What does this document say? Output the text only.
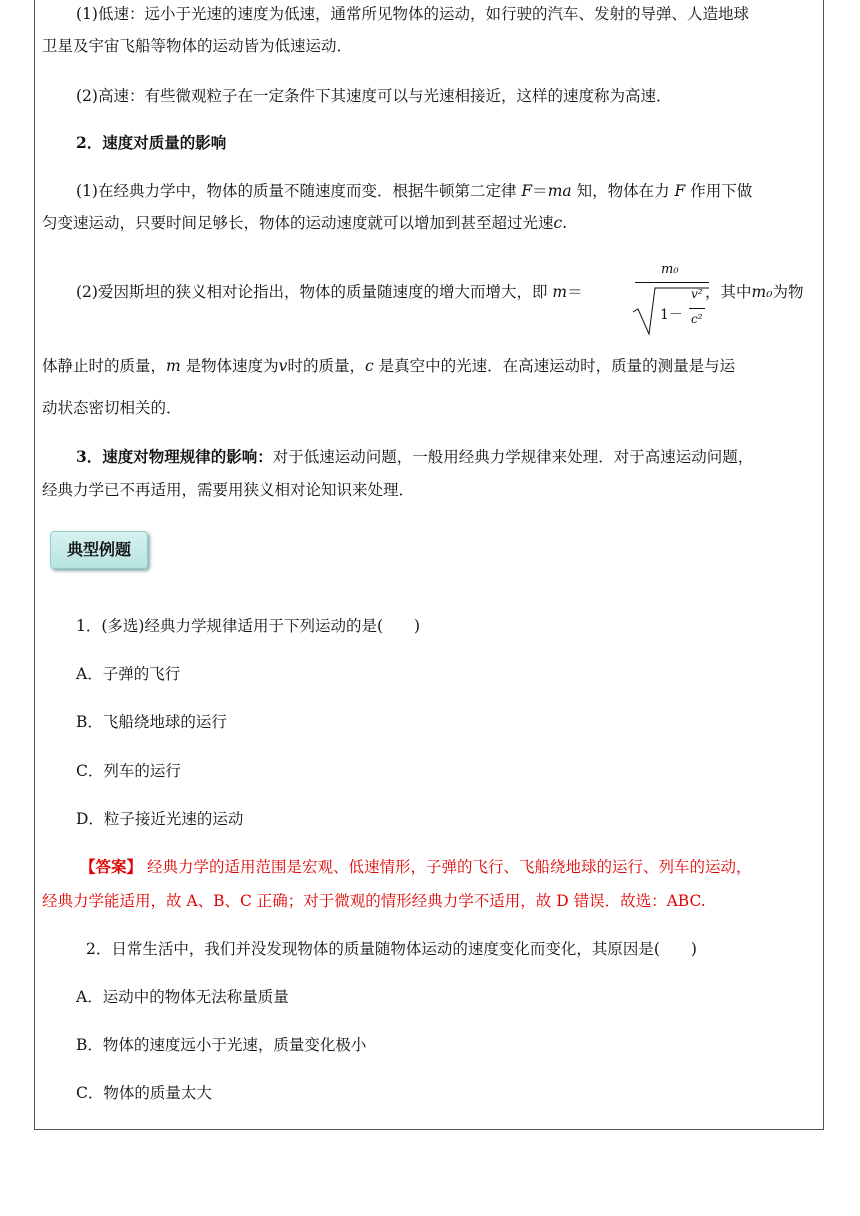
(1)低速：远小于光速的速度为低速，通常所见物体的运动，如行驶的汽车、发射的导弹、人造地球
卫星及宇宙飞船等物体的运动皆为低速运动．
(2)高速：有些微观粒子在一定条件下其速度可以与光速相接近，这样的速度称为高速．
2．速度对质量的影响
(1)在经典力学中，物体的质量不随速度而变．根据牛顿第二定律 F＝ma 知，物体在力 F 作用下做
匀变速运动，只要时间足够长，物体的运动速度就可以增加到甚至超过光速c.
(2)爱因斯坦的狭义相对论指出，物体的质量随速度的增大而增大，即 m＝
m₀
1－
v²
c²
，其中m₀为物
体静止时的质量，m 是物体速度为v时的质量，c 是真空中的光速．在高速运动时，质量的测量是与运
动状态密切相关的．
3．速度对物理规律的影响：对于低速运动问题，一般用经典力学规律来处理．对于高速运动问题，
经典力学已不再适用，需要用狭义相对论知识来处理．
典型例题
1．(多选)经典力学规律适用于下列运动的是(　　)
A．子弹的飞行
B．飞船绕地球的运行
C．列车的运行
D．粒子接近光速的运动
【答案】 经典力学的适用范围是宏观、低速情形，子弹的飞行、飞船绕地球的运行、列车的运动，
经典力学能适用，故 A、B、C 正确；对于微观的情形经典力学不适用，故 D 错误．故选：ABC.
2．日常生活中，我们并没发现物体的质量随物体运动的速度变化而变化，其原因是(　　)
A．运动中的物体无法称量质量
B．物体的速度远小于光速，质量变化极小
C．物体的质量太大
